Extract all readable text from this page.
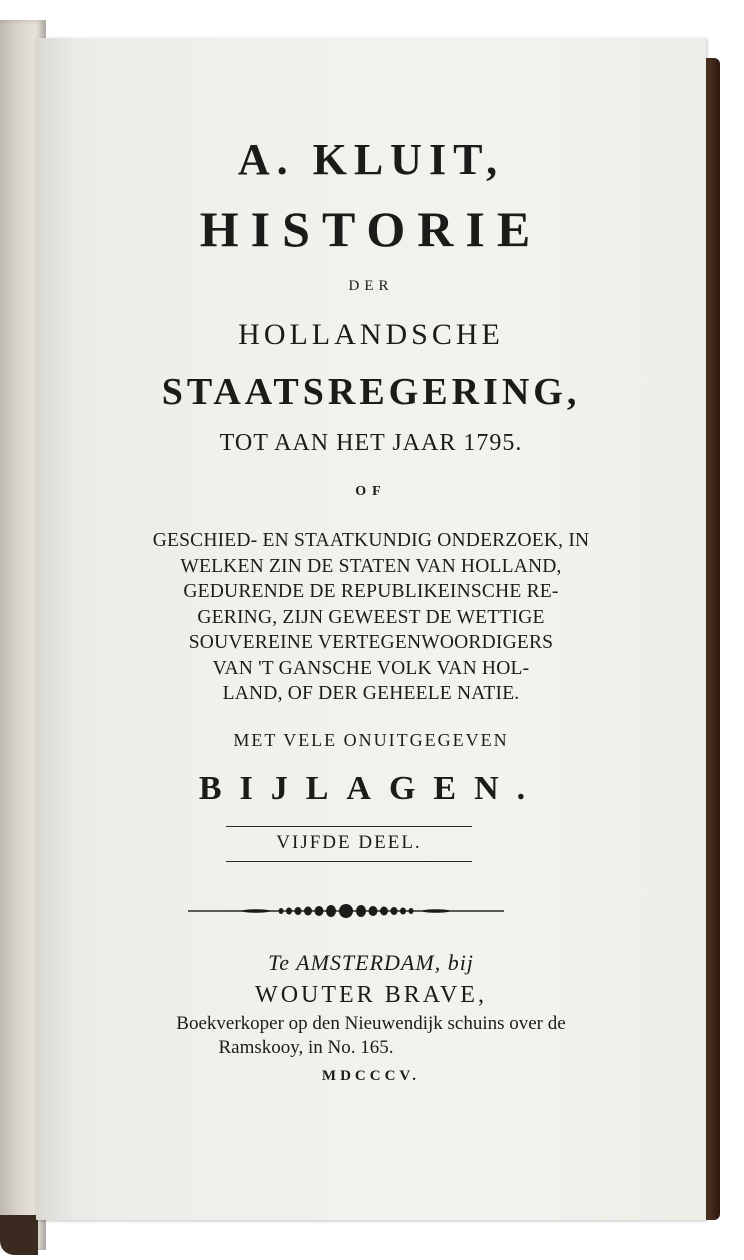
A. KLUIT,
HISTORIE
DER
HOLLANDSCHE
STAATSREGERING,
TOT AAN HET JAAR 1795.
OF
GESCHIED- EN STAATKUNDIG ONDERZOEK, IN
WELKEN ZIN DE STATEN VAN HOLLAND,
GEDURENDE DE REPUBLIKEINSCHE RE-
GERING, ZIJN GEWEEST DE WETTIGE
SOUVEREINE VERTEGENWOORDIGERS
VAN 'T GANSCHE VOLK VAN HOL-
LAND, OF DER GEHEELE NATIE.
MET VELE ONUITGEGEVEN
BIJLAGEN.
VIJFDE DEEL.
Te AMSTERDAM, bij
WOUTER BRAVE,
Boekverkoper op den Nieuwendijk schuins over de
Ramskooy, in No. 165.
MDCCCV.
